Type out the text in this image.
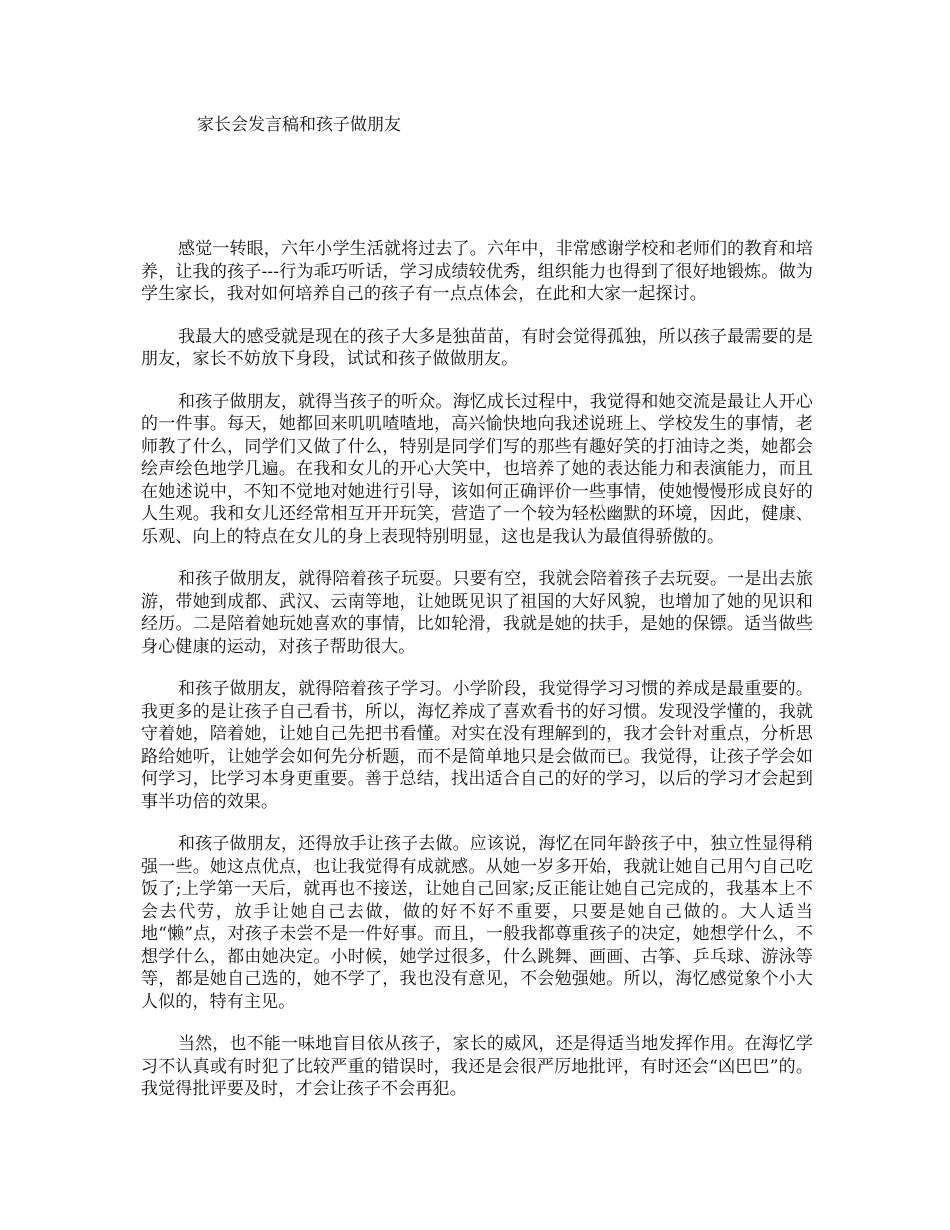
家长会发言稿和孩子做朋友

感觉一转眼，六年小学生活就将过去了。六年中，非常感谢学校和老师们的教育和培养，让我的孩子---行为乖巧听话，学习成绩较优秀，组织能力也得到了很好地锻炼。做为学生家长，我对如何培养自己的孩子有一点点体会，在此和大家一起探讨。

我最大的感受就是现在的孩子大多是独苗苗，有时会觉得孤独，所以孩子最需要的是朋友，家长不妨放下身段，试试和孩子做做朋友。

和孩子做朋友，就得当孩子的听众。海忆成长过程中，我觉得和她交流是最让人开心的一件事。每天，她都回来叽叽喳喳地，高兴愉快地向我述说班上、学校发生的事情，老师教了什么，同学们又做了什么，特别是同学们写的那些有趣好笑的打油诗之类，她都会绘声绘色地学几遍。在我和女儿的开心大笑中，也培养了她的表达能力和表演能力，而且在她述说中，不知不觉地对她进行引导，该如何正确评价一些事情，使她慢慢形成良好的人生观。我和女儿还经常相互开开玩笑，营造了一个较为轻松幽默的环境，因此，健康、乐观、向上的特点在女儿的身上表现特别明显，这也是我认为最值得骄傲的。

和孩子做朋友，就得陪着孩子玩耍。只要有空，我就会陪着孩子去玩耍。一是出去旅游，带她到成都、武汉、云南等地，让她既见识了祖国的大好风貌，也增加了她的见识和经历。二是陪着她玩她喜欢的事情，比如轮滑，我就是她的扶手，是她的保镖。适当做些身心健康的运动，对孩子帮助很大。

和孩子做朋友，就得陪着孩子学习。小学阶段，我觉得学习习惯的养成是最重要的。我更多的是让孩子自己看书，所以，海忆养成了喜欢看书的好习惯。发现没学懂的，我就守着她，陪着她，让她自己先把书看懂。对实在没有理解到的，我才会针对重点，分析思路给她听，让她学会如何先分析题，而不是简单地只是会做而已。我觉得，让孩子学会如何学习，比学习本身更重要。善于总结，找出适合自己的好的学习，以后的学习才会起到事半功倍的效果。

和孩子做朋友，还得放手让孩子去做。应该说，海忆在同年龄孩子中，独立性显得稍强一些。她这点优点，也让我觉得有成就感。从她一岁多开始，我就让她自己用勺自己吃饭了;上学第一天后，就再也不接送，让她自己回家;反正能让她自己完成的，我基本上不会去代劳，放手让她自己去做，做的好不好不重要，只要是她自己做的。大人适当地“懒”点，对孩子未尝不是一件好事。而且，一般我都尊重孩子的决定，她想学什么，不想学什么，都由她决定。小时候，她学过很多，什么跳舞、画画、古筝、乒乓球、游泳等等，都是她自己选的，她不学了，我也没有意见，不会勉强她。所以，海忆感觉象个小大人似的，特有主见。

当然，也不能一味地盲目依从孩子，家长的威风，还是得适当地发挥作用。在海忆学习不认真或有时犯了比较严重的错误时，我还是会很严厉地批评，有时还会“凶巴巴”的。我觉得批评要及时，才会让孩子不会再犯。
